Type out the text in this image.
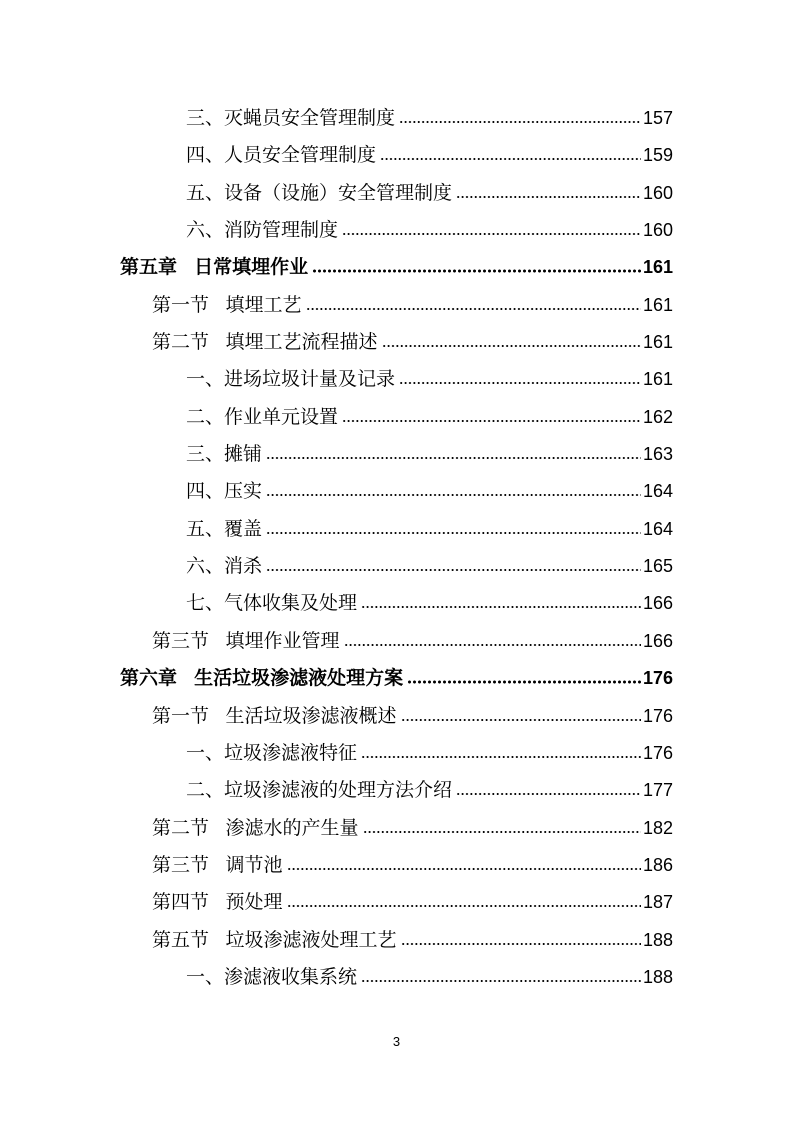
三、灭蝇员安全管理制度	157
四、人员安全管理制度	159
五、设备（设施）安全管理制度	160
六、消防管理制度	160
第五章 日常填埋作业	161
第一节 填埋工艺	161
第二节 填埋工艺流程描述	161
一、进场垃圾计量及记录	161
二、作业单元设置	162
三、摊铺	163
四、压实	164
五、覆盖	164
六、消杀	165
七、气体收集及处理	166
第三节 填埋作业管理	166
第六章 生活垃圾渗滤液处理方案	176
第一节 生活垃圾渗滤液概述	176
一、垃圾渗滤液特征	176
二、垃圾渗滤液的处理方法介绍	177
第二节 渗滤水的产生量	182
第三节 调节池	186
第四节 预处理	187
第五节 垃圾渗滤液处理工艺	188
一、渗滤液收集系统	188
3
